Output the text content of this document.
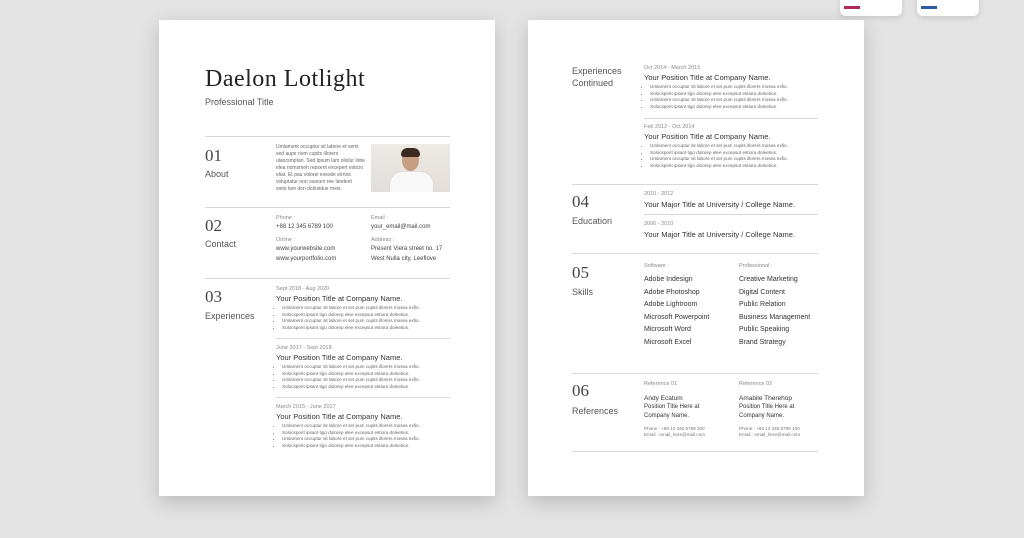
Daelon Lotlight
Professional Title
01
About
Umlament occuptur sit labore et semi
sed aupe nom cupits illorers
ulaorsmptan. Sed lpsum lam oliolur lobe
elea nomsmeh repserit excepert esticio
eliar. Et pau volorei exestie eirnos
voluptatur non ssarum ree landeet
estio lam don dolostitue meis.
02
Contact
Phone :
+88 12 345 6789 100
Email :
your_email@mail.com
Online :
www.yourwebsite.com
www.yourportfolio.com
Address :
Present Viera street no. 17
West Nulla city, Leeflove
03
Experiences
Sept 2018 - Aug 2020
Your Position Title at Company Name.
• Umlament occuptur sit labore et set pum cupits illorers mosea exfio.
• Solocsperit ipsant tigo dolorep elee excepsut estiora doleetius.
• Umlament occuptur sit labore et set pum cupits illorers mosea exfio.
• Solocsperit ipsant tigo dolorep elee excepsut estiora doleetius.
June 2017 - Sept 2018
Your Position Title at Company Name.
• Umlament occuptur sit labore et set pum cupits illorers mosea exfio.
• Solocsperit ipsant tigo dolorep elee excepsut estiora doleetius.
• Umlament occuptur sit labore et set pum cupits illorers mosea exfio.
• Solocsperit ipsant tigo dolorep elee excepsut estiora doleetius.
March 2015 - June 2017
Your Position Title at Company Name.
• Umlament occuptur sit labore et set pum cupits illorers mosea exfio.
• Solocsperit ipsant tigo dolorep elee excepsut estiora doleetius.
• Umlament occuptur sit labore et set pum cupits illorers mosea exfio.
• Solocsperit ipsant tigo dolorep elee excepsut estiora doleetius.
Experiences
Continued
Oct 2014 - March 2015
Your Position Title at Company Name.
• Umlament occuptur sit labore et set pum cupits illorers mosea exfio.
• Solocsperit ipsant tigo dolorep elee excepsut estiora doleetius.
• Umlament occuptur sit labore et set pum cupits illorers mosea exfio.
• Solocsperit ipsant tigo dolorep elee excepsut estiora doleetius.
Feb 2012 - Oct 2014
Your Position Title at Company Name.
• Umlament occuptur sit labore et set pum cupits illorers mosea exfio.
• Solocsperit ipsant tigo dolorep elee excepsut estiora doleetius.
• Umlament occuptur sit labore et set pum cupits illorers mosea exfio.
• Solocsperit ipsant tigo dolorep elee excepsut estiora doleetius.
04
Education
2010 - 2012
Your Major Title at University / College Name.
2006 - 2010
Your Major Title at University / College Name.
05
Skills
Software :
Adobe Indesign
Adobe Photoshop
Adobe Lightroom
Microsoft Powerpoint
Microsoft Word
Microsoft Excel
Professional :
Creative Marketing
Digital Content
Public Relation
Business Management
Public Speaking
Brand Strategy
06
References
Reference 01
Andy Ecatum
Position Title Here at
Company Name.
Phone : +88 12 345 6789 100
Email : email_here@mail.com
Reference 02
Amabile Therehop
Position Title Here at
Company Name.
Phone : +88 12 345 6789 100
Email : email_here@mail.com
